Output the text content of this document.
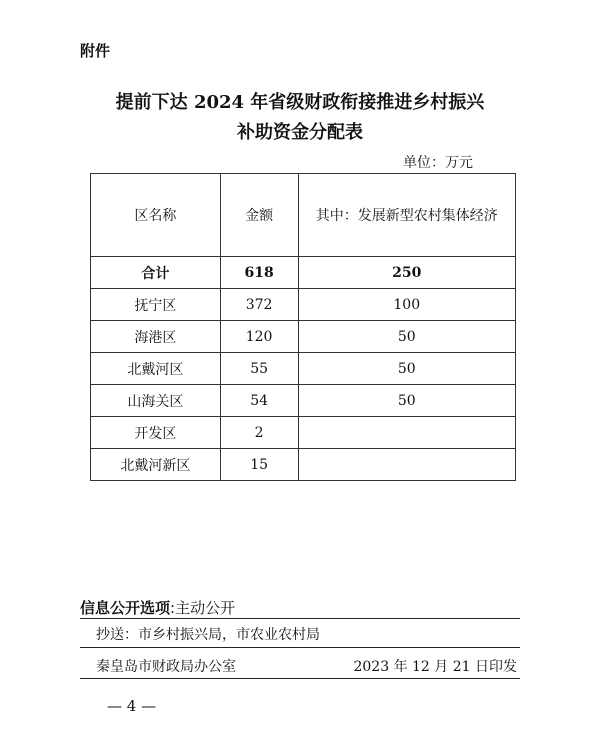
附件
提前下达 2024 年省级财政衔接推进乡村振兴
补助资金分配表
单位：万元
区名称	金额	其中：发展新型农村集体经济
合计	618	250
抚宁区	372	100
海港区	120	50
北戴河区	55	50
山海关区	54	50
开发区	2	
北戴河新区	15	
信息公开选项:主动公开
抄送：市乡村振兴局，市农业农村局
秦皇岛市财政局办公室	2023 年 12 月 21 日印发
— 4 —
